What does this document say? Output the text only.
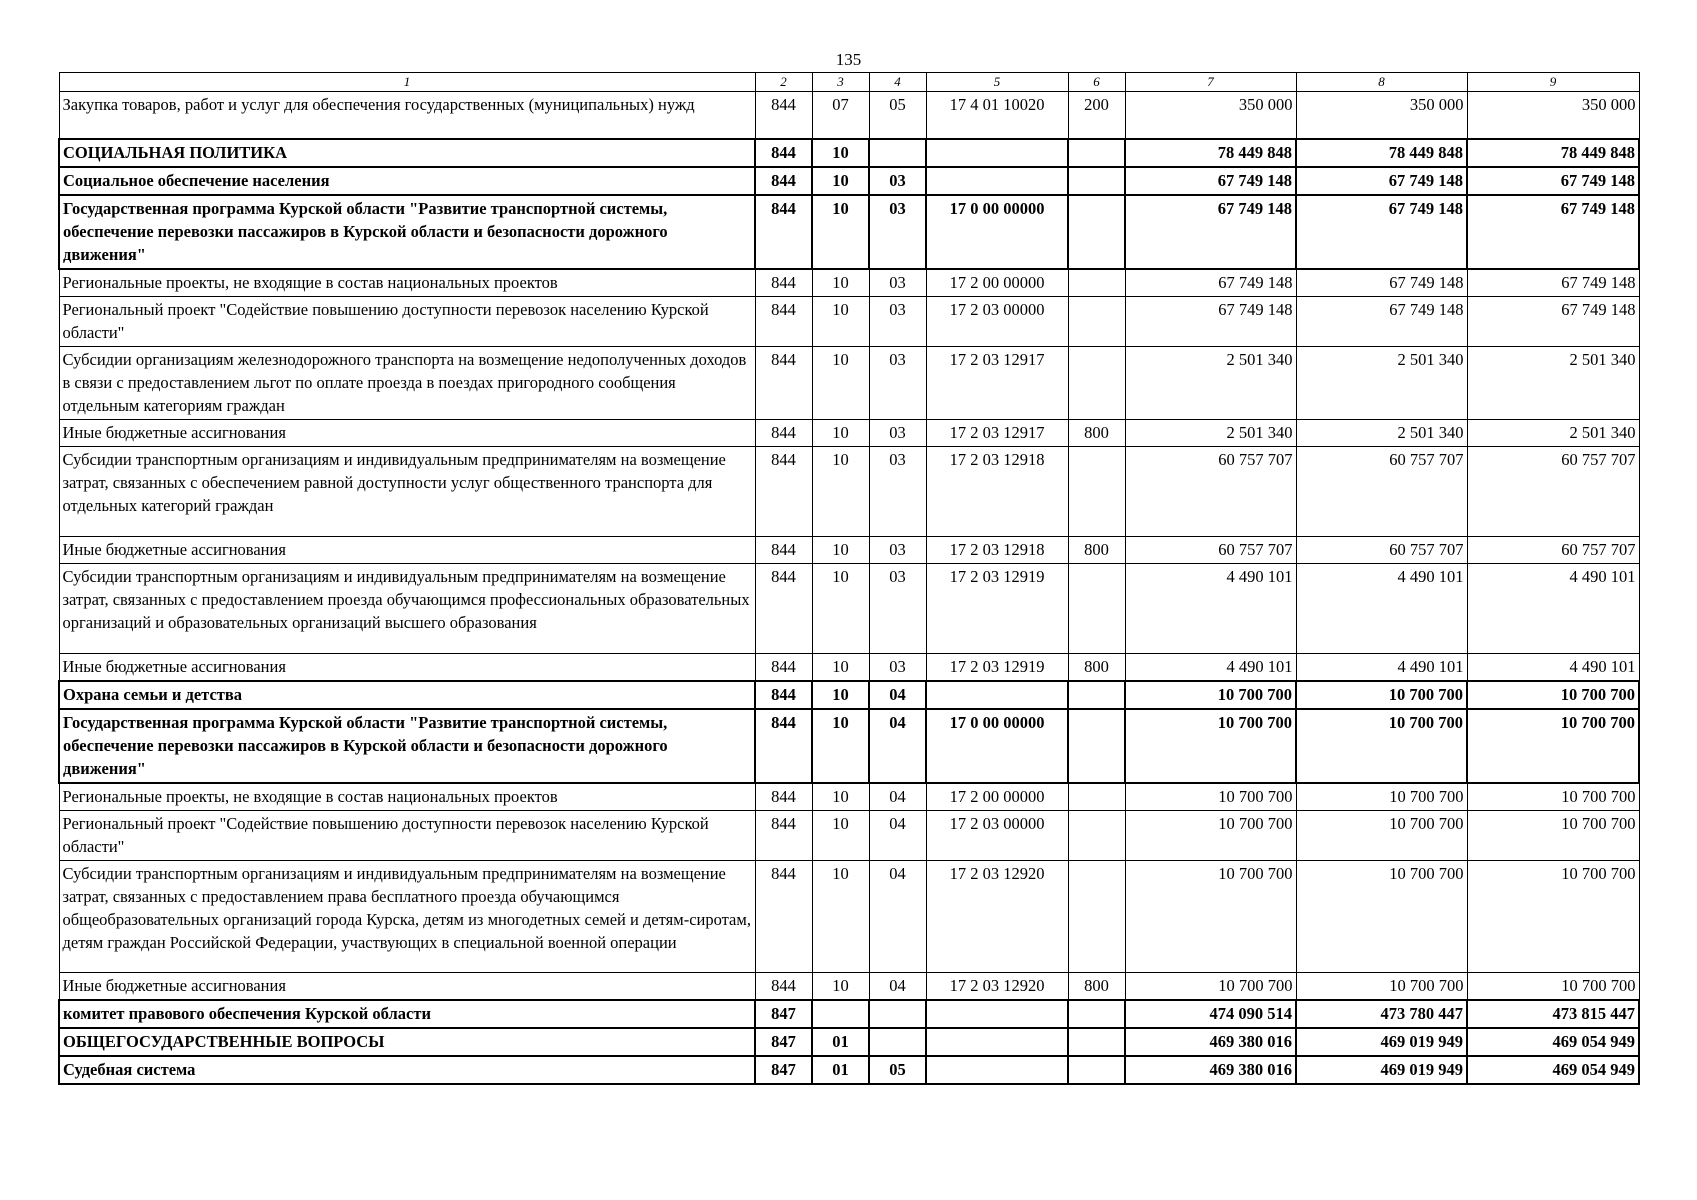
135
1	2	3	4	5	6	7	8	9
Закупка товаров, работ и услуг для обеспечения государственных (муниципальных) нужд	844	07	05	17 4 01 10020	200	350 000	350 000	350 000
СОЦИАЛЬНАЯ ПОЛИТИКА	844	10				78 449 848	78 449 848	78 449 848
Социальное обеспечение населения	844	10	03			67 749 148	67 749 148	67 749 148
Государственная программа Курской области "Развитие транспортной системы, обеспечение перевозки пассажиров в Курской области и безопасности дорожного движения"	844	10	03	17 0 00 00000		67 749 148	67 749 148	67 749 148
Региональные проекты, не входящие в состав национальных проектов	844	10	03	17 2 00 00000		67 749 148	67 749 148	67 749 148
Региональный проект "Содействие повышению доступности перевозок населению Курской области"	844	10	03	17 2 03 00000		67 749 148	67 749 148	67 749 148
Субсидии организациям железнодорожного транспорта на возмещение недополученных доходов в связи с предоставлением льгот по оплате проезда в поездах пригородного сообщения отдельным категориям граждан	844	10	03	17 2 03 12917		2 501 340	2 501 340	2 501 340
Иные бюджетные ассигнования	844	10	03	17 2 03 12917	800	2 501 340	2 501 340	2 501 340
Субсидии транспортным организациям и индивидуальным предпринимателям на возмещение затрат, связанных с обеспечением равной доступности услуг общественного транспорта для отдельных категорий граждан	844	10	03	17 2 03 12918		60 757 707	60 757 707	60 757 707
Иные бюджетные ассигнования	844	10	03	17 2 03 12918	800	60 757 707	60 757 707	60 757 707
Субсидии транспортным организациям и индивидуальным предпринимателям на возмещение затрат, связанных с предоставлением проезда обучающимся профессиональных образовательных организаций и образовательных организаций высшего образования	844	10	03	17 2 03 12919		4 490 101	4 490 101	4 490 101
Иные бюджетные ассигнования	844	10	03	17 2 03 12919	800	4 490 101	4 490 101	4 490 101
Охрана семьи и детства	844	10	04			10 700 700	10 700 700	10 700 700
Государственная программа Курской области "Развитие транспортной системы, обеспечение перевозки пассажиров в Курской области и безопасности дорожного движения"	844	10	04	17 0 00 00000		10 700 700	10 700 700	10 700 700
Региональные проекты, не входящие в состав национальных проектов	844	10	04	17 2 00 00000		10 700 700	10 700 700	10 700 700
Региональный проект "Содействие повышению доступности перевозок населению Курской области"	844	10	04	17 2 03 00000		10 700 700	10 700 700	10 700 700
Субсидии транспортным организациям и индивидуальным предпринимателям на возмещение затрат, связанных с предоставлением права бесплатного проезда обучающимся общеобразовательных организаций города Курска, детям из многодетных семей и детям-сиротам, детям граждан Российской Федерации, участвующих в специальной военной операции	844	10	04	17 2 03 12920		10 700 700	10 700 700	10 700 700
Иные бюджетные ассигнования	844	10	04	17 2 03 12920	800	10 700 700	10 700 700	10 700 700
комитет правового обеспечения Курской области	847					474 090 514	473 780 447	473 815 447
ОБЩЕГОСУДАРСТВЕННЫЕ ВОПРОСЫ	847	01				469 380 016	469 019 949	469 054 949
Судебная система	847	01	05			469 380 016	469 019 949	469 054 949
